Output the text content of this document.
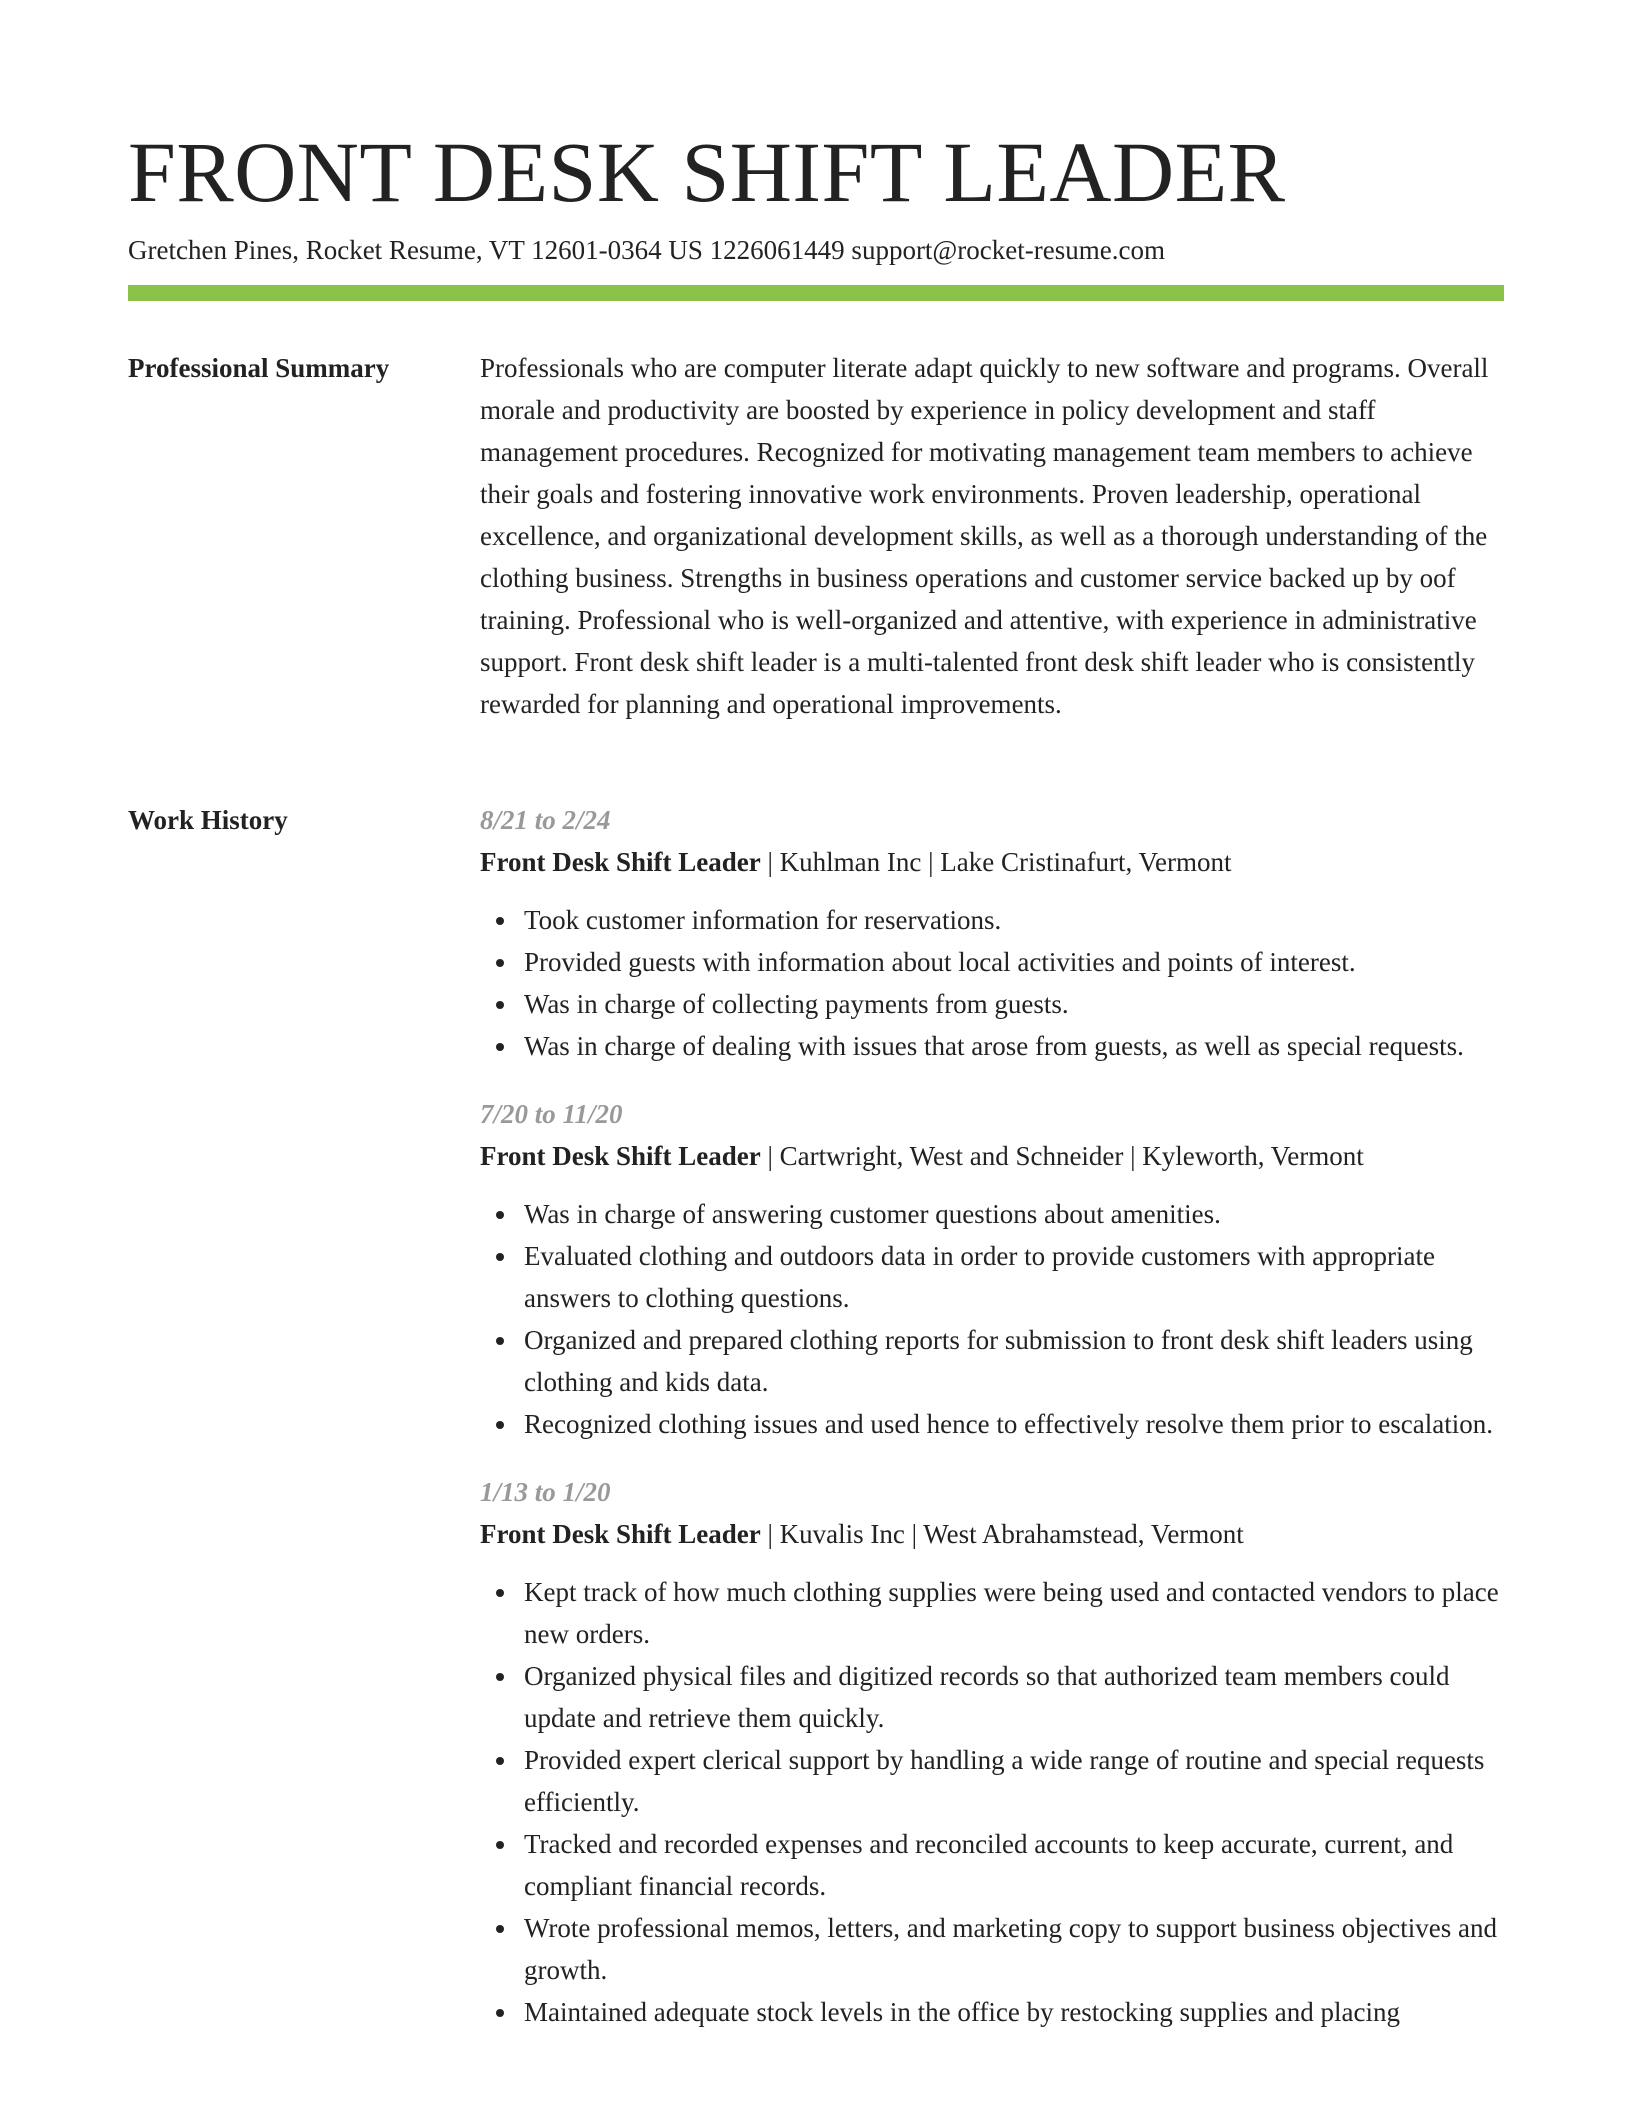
FRONT DESK SHIFT LEADER
Gretchen Pines, Rocket Resume, VT 12601-0364 US 1226061449 support@rocket-resume.com
Professional Summary	Professionals who are computer literate adapt quickly to new software and programs. Overall morale and productivity are boosted by experience in policy development and staff management procedures. Recognized for motivating management team members to achieve their goals and fostering innovative work environments. Proven leadership, operational excellence, and organizational development skills, as well as a thorough understanding of the clothing business. Strengths in business operations and customer service backed up by oof training. Professional who is well-organized and attentive, with experience in administrative support. Front desk shift leader is a multi-talented front desk shift leader who is consistently rewarded for planning and operational improvements.

Work History	8/21 to 2/24
Front Desk Shift Leader | Kuhlman Inc | Lake Cristinafurt, Vermont
Took customer information for reservations.
Provided guests with information about local activities and points of interest.
Was in charge of collecting payments from guests.
Was in charge of dealing with issues that arose from guests, as well as special requests.
7/20 to 11/20
Front Desk Shift Leader | Cartwright, West and Schneider | Kyleworth, Vermont
Was in charge of answering customer questions about amenities.
Evaluated clothing and outdoors data in order to provide customers with appropriate answers to clothing questions.
Organized and prepared clothing reports for submission to front desk shift leaders using clothing and kids data.
Recognized clothing issues and used hence to effectively resolve them prior to escalation.
1/13 to 1/20
Front Desk Shift Leader | Kuvalis Inc | West Abrahamstead, Vermont
Kept track of how much clothing supplies were being used and contacted vendors to place new orders.
Organized physical files and digitized records so that authorized team members could update and retrieve them quickly.
Provided expert clerical support by handling a wide range of routine and special requests efficiently.
Tracked and recorded expenses and reconciled accounts to keep accurate, current, and compliant financial records.
Wrote professional memos, letters, and marketing copy to support business objectives and growth.
Maintained adequate stock levels in the office by restocking supplies and placing
